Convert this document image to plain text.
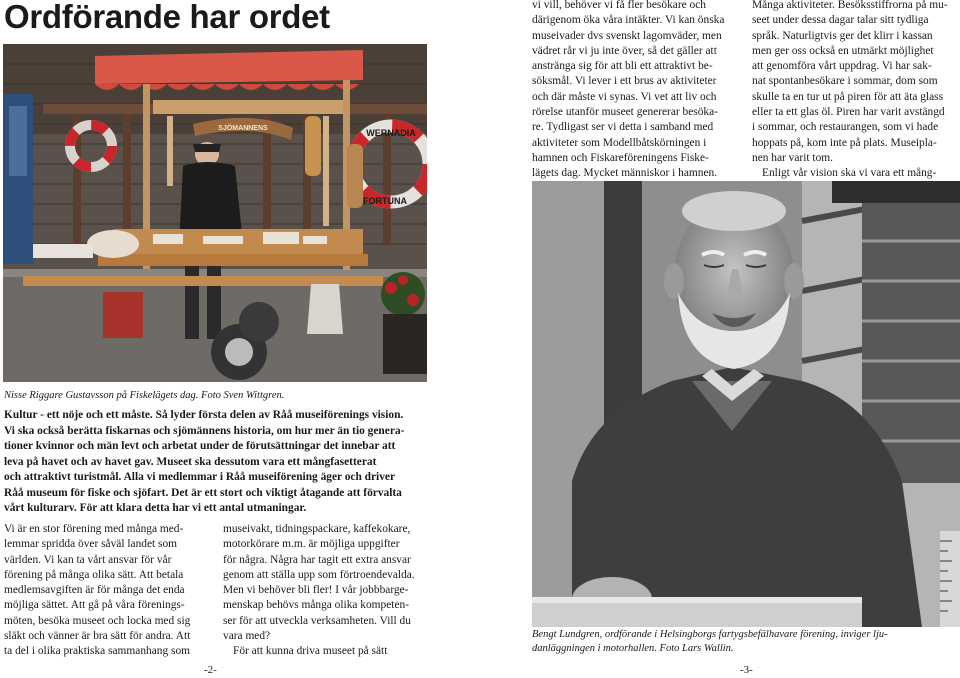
Ordförande har ordet
WERNADIA
FORTUNA
SJÖMANNENS
Nisse Riggare Gustavsson på Fiskelägets dag. Foto Sven Wittgren.

Kultur - ett nöje och ett måste. Så lyder första delen av Råå museiförenings vision.

Vi ska också berätta fiskarnas och sjömännens historia, om hur mer än tio genera-

tioner kvinnor och män levt och arbetat under de förutsättningar det innebar att

leva på havet och av havet gav. Museet ska dessutom vara ett mångfasetterat

och attraktivt turistmål. Alla vi medlemmar i Råå museiförening äger och driver

Råå museum för fiske och sjöfart. Det är ett stort och viktigt åtagande att förvalta

vårt kulturarv. För att klara detta har vi ett antal utmaningar.

Vi är en stor förening med många med-

lemmar spridda över såväl landet som

världen. Vi kan ta vårt ansvar för vår

förening på många olika sätt. Att betala

medlemsavgiften är för många det enda

möjliga sättet. Att gå på våra förenings-

möten, besöka museet och locka med sig

släkt och vänner är bra sätt för andra. Att

ta del i olika praktiska sammanhang som

museivakt, tidningspackare, kaffekokare,

motorkörare m.m. är möjliga uppgifter

för några. Några har tagit ett extra ansvar

genom att ställa upp som förtroendevalda.

Men vi behöver bli fler! I vår jobbbarge-

menskap behövs många olika kompeten-

ser för att utveckla verksamheten. Vill du

vara med?

För att kunna driva museet på sätt

-2-

vi vill, behöver vi få fler besökare och

därigenom öka våra intäkter. Vi kan önska

museivader dvs svenskt lagomväder, men

vädret rår vi ju inte över, så det gäller att

anstränga sig för att bli ett attraktivt be-

söksmål. Vi lever i ett brus av aktiviteter

och där måste vi synas. Vi vet att liv och

rörelse utanför museet genererar besöka-

re. Tydligast ser vi detta i samband med

aktiviteter som Modellbåtskörningen i

hamnen och Fiskareföreningens Fiske-

lägets dag. Mycket människor i hamnen.

Många aktiviteter. Besöksstiffrorna på mu-

seet under dessa dagar talar sitt tydliga

språk. Naturligtvis ger det klirr i kassan

men ger oss också en utmärkt möjlighet

att genomföra vårt uppdrag. Vi har sak-

nat spontanbesökare i sommar, dom som

skulle ta en tur ut på piren för att äta glass

eller ta ett glas öl. Piren har varit avstängd

i sommar, och restaurangen, som vi hade

hoppats på, kom inte på plats. Museipla-

nen har varit tom.

Enligt vår vision ska vi vara ett mång-

Bengt Lundgren, ordförande i Helsingborgs fartygsbefälhavare förening, inviger lju-
danläggningen i motorhallen. Foto Lars Wallin.
-3-
